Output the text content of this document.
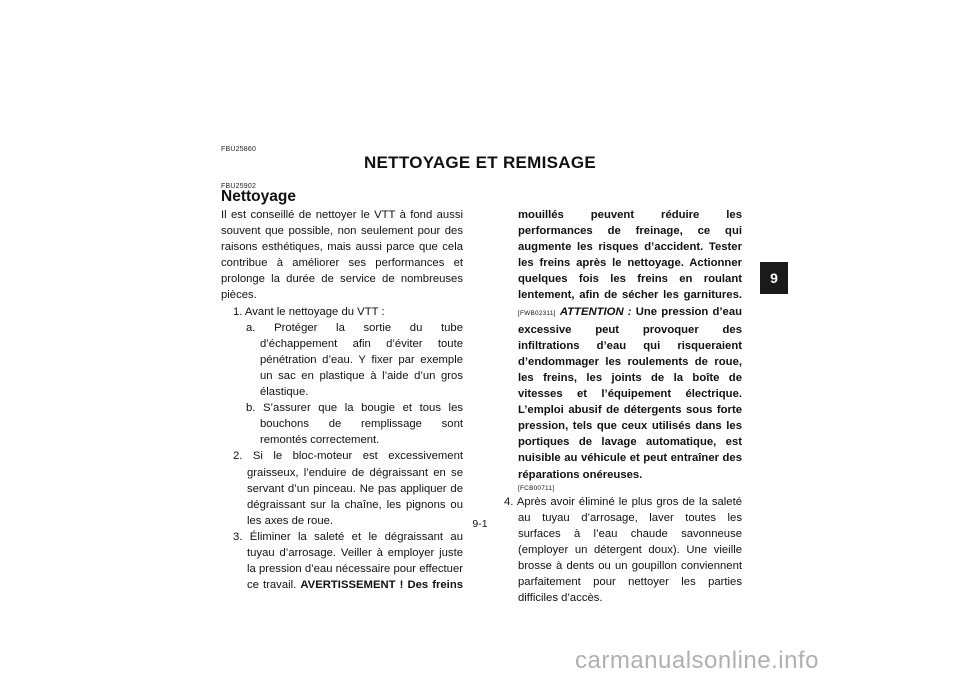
FBU25860
NETTOYAGE ET REMISAGE
FBU25902
Nettoyage

Il est conseillé de nettoyer le VTT à fond aussi souvent que possible, non seulement pour des raisons esthétiques, mais aussi parce que cela contribue à améliorer ses performances et prolonge la durée de service de nombreuses pièces.

1. Avant le nettoyage du VTT :
a. Protéger la sortie du tube d’échappement afin d’éviter toute pénétration d’eau. Y fixer par exemple un sac en plastique à l’aide d’un gros élastique.
b. S’assurer que la bougie et tous les bouchons de remplissage sont remontés correctement.
2. Si le bloc-moteur est excessivement graisseux, l’enduire de dégraissant en se servant d’un pinceau. Ne pas appliquer de dégraissant sur la chaîne, les pignons ou les axes de roue.
3. Éliminer la saleté et le dégraissant au tuyau d’arrosage. Veiller à employer juste la pression d’eau nécessaire pour effectuer ce travail. AVERTISSEMENT ! Des freins

mouillés peuvent réduire les performances de freinage, ce qui augmente les risques d’accident. Tester les freins après le nettoyage. Actionner quelques fois les freins en roulant lentement, afin de sécher les garnitures. [FWB02311] ATTENTION : Une pression d’eau excessive peut provoquer des infiltrations d’eau qui risqueraient d’endommager les roulements de roue, les freins, les joints de la boîte de vitesses et l’équipement électrique. L’emploi abusif de détergents sous forte pression, tels que ceux utilisés dans les portiques de lavage automatique, est nuisible au véhicule et peut entraîner des réparations onéreuses.

[FCB00711]
4. Après avoir éliminé le plus gros de la saleté au tuyau d’arrosage, laver toutes les surfaces à l’eau chaude savonneuse (employer un détergent doux). Une vieille brosse à dents ou un goupillon conviennent parfaitement pour nettoyer les parties difficiles d’accès.
9
9-1
carmanualsonline.info
